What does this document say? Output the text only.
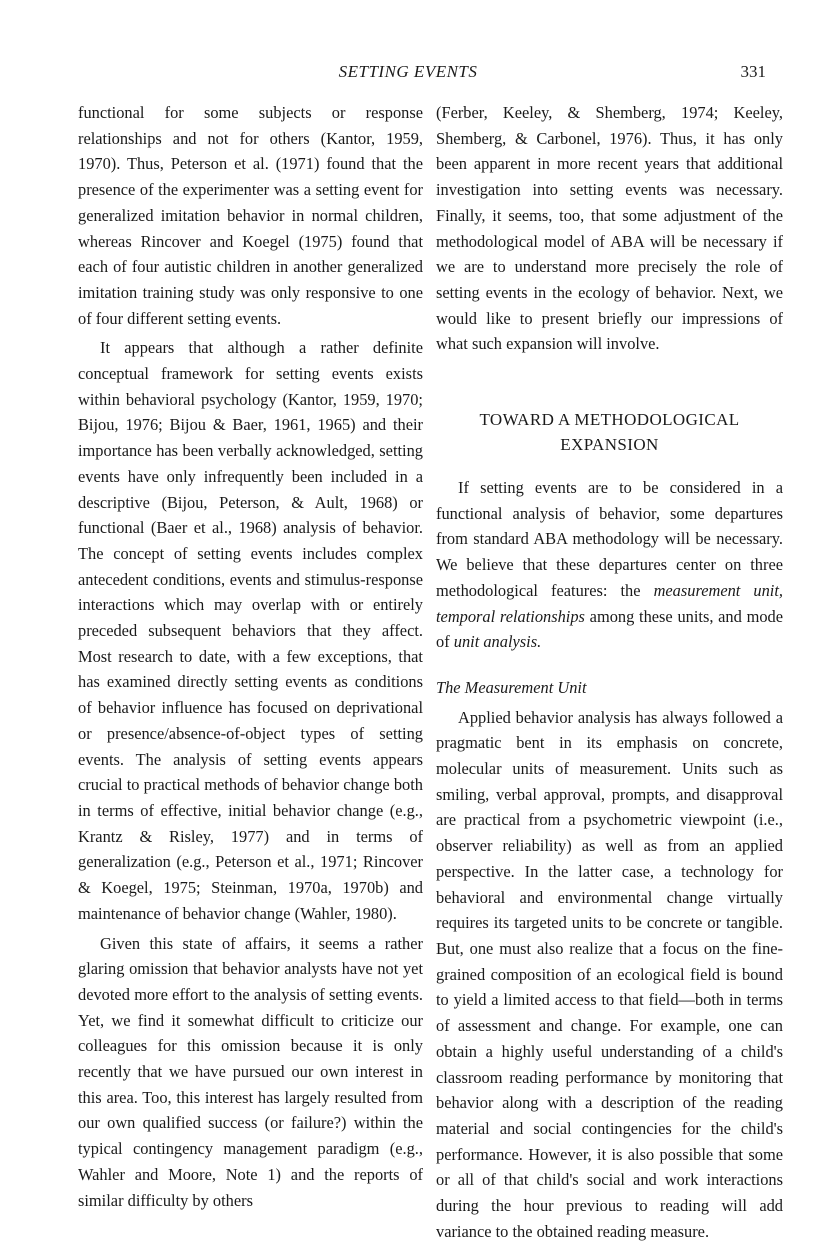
SETTING EVENTS	331

functional for some subjects or response relationships and not for others (Kantor, 1959, 1970). Thus, Peterson et al. (1971) found that the presence of the experimenter was a setting event for generalized imitation behavior in normal children, whereas Rincover and Koegel (1975) found that each of four autistic children in another generalized imitation training study was only responsive to one of four different setting events.

It appears that although a rather definite conceptual framework for setting events exists within behavioral psychology (Kantor, 1959, 1970; Bijou, 1976; Bijou & Baer, 1961, 1965) and their importance has been verbally acknowledged, setting events have only infrequently been included in a descriptive (Bijou, Peterson, & Ault, 1968) or functional (Baer et al., 1968) analysis of behavior. The concept of setting events includes complex antecedent conditions, events and stimulus-response interactions which may overlap with or entirely preceded subsequent behaviors that they affect. Most research to date, with a few exceptions, that has examined directly setting events as conditions of behavior influence has focused on deprivational or presence/absence-of-object types of setting events. The analysis of setting events appears crucial to practical methods of behavior change both in terms of effective, initial behavior change (e.g., Krantz & Risley, 1977) and in terms of generalization (e.g., Peterson et al., 1971; Rincover & Koegel, 1975; Steinman, 1970a, 1970b) and maintenance of behavior change (Wahler, 1980).

Given this state of affairs, it seems a rather glaring omission that behavior analysts have not yet devoted more effort to the analysis of setting events. Yet, we find it somewhat difficult to criticize our colleagues for this omission because it is only recently that we have pursued our own interest in this area. Too, this interest has largely resulted from our own qualified success (or failure?) within the typical contingency management paradigm (e.g., Wahler and Moore, Note 1) and the reports of similar difficulty by others

(Ferber, Keeley, & Shemberg, 1974; Keeley, Shemberg, & Carbonel, 1976). Thus, it has only been apparent in more recent years that additional investigation into setting events was necessary. Finally, it seems, too, that some adjustment of the methodological model of ABA will be necessary if we are to understand more precisely the role of setting events in the ecology of behavior. Next, we would like to present briefly our impressions of what such expansion will involve.

TOWARD A METHODOLOGICAL
EXPANSION

If setting events are to be considered in a functional analysis of behavior, some departures from standard ABA methodology will be necessary. We believe that these departures center on three methodological features: the measurement unit, temporal relationships among these units, and mode of unit analysis.

The Measurement Unit

Applied behavior analysis has always followed a pragmatic bent in its emphasis on concrete, molecular units of measurement. Units such as smiling, verbal approval, prompts, and disapproval are practical from a psychometric viewpoint (i.e., observer reliability) as well as from an applied perspective. In the latter case, a technology for behavioral and environmental change virtually requires its targeted units to be concrete or tangible. But, one must also realize that a focus on the fine-grained composition of an ecological field is bound to yield a limited access to that field—both in terms of assessment and change. For example, one can obtain a highly useful understanding of a child's classroom reading performance by monitoring that behavior along with a description of the reading material and social contingencies for the child's performance. However, it is also possible that some or all of that child's social and work interactions during the hour previous to reading will add variance to the obtained reading measure.
